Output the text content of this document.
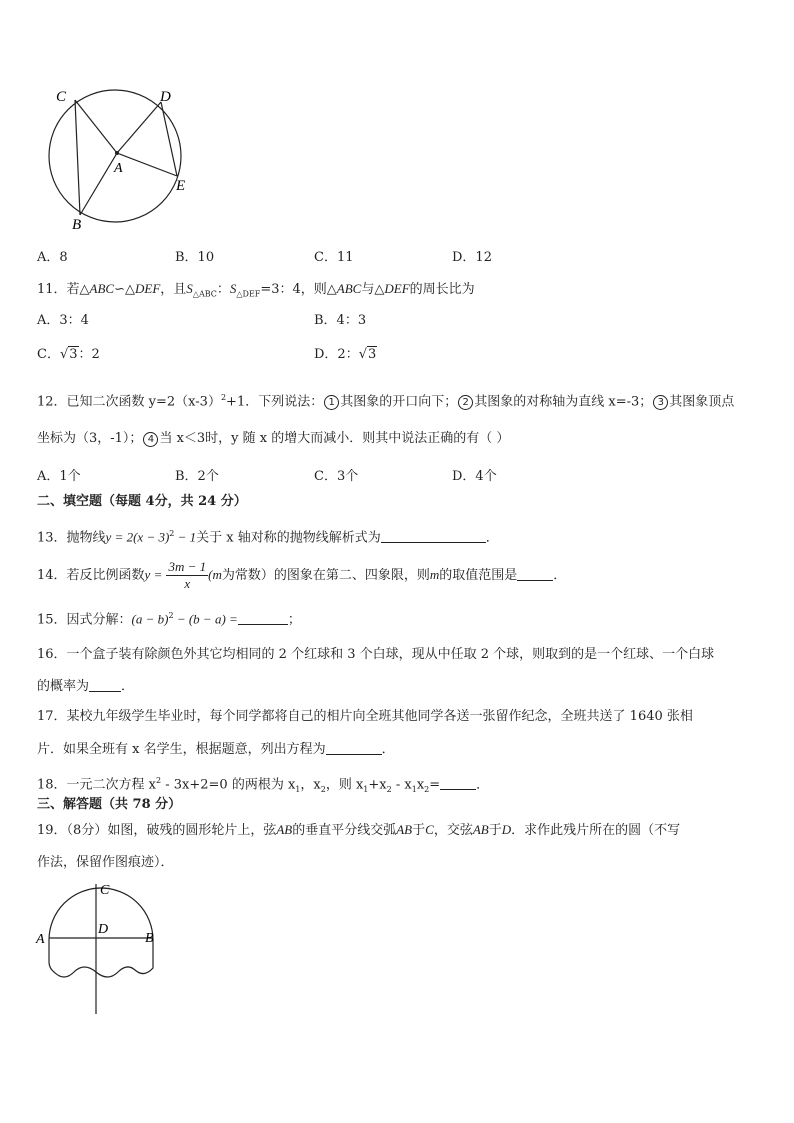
C	D
A
E
B
A．8	B．10	C．11	D．12
11．若△ABC∽△DEF，且$S_{\triangle ABC}$：$S_{\triangle DEF}=3$：4，则△ABC与△DEF的周长比为
A．3：4	B．4：3
C．√3：2	D．2：√3
12．已知二次函数 $y=2(x-3)^2+1$．下列说法： 1 其图象的开口向下； 2 其图象的对称轴为直线 x=-3； 3 其图象顶点
坐标为（3，-1）； 4 当 x＜3时，y 随 x 的增大而减小．则其中说法正确的有（ ）
A．1个	B．2个	C．3个	D．4个
二、填空题（每题 4分，共 24 分）
13．抛物线$y = 2(x - 3)^2 - 1$关于 x 轴对称的抛物线解析式为	．
14．若反比例函数$y = \frac{3m - 1}{x} (m$为常数）的图象在第二、四象限，则m的取值范围是	．
15．因式分解：$(a - b)^2 - (b - a)$ =	；
16．一个盒子装有除颜色外其它均相同的 2 个红球和 3 个白球，现从中任取 2 个球，则取到的是一个红球、一个白球
的概率为 ．
17．某校九年级学生毕业时，每个同学都将自己的相片向全班其他同学各送一张留作纪念，全班共送了 1640 张相
片．如果全班有 x 名学生，根据题意，列出方程为	．
18．一元二次方程 $x^2 - 3x+2=0$ 的两根为 $x_1$，$x_2$，则 $x_1+x_2 - x_1x_2=$	．
三、解答题（共 78 分）
19．（8分）如图，破残的圆形轮片上，弦AB的垂直平分线交弧AB于C，交弦AB于D．求作此残片所在的圆（不写
作法，保留作图痕迹）．
C
A
D
B
